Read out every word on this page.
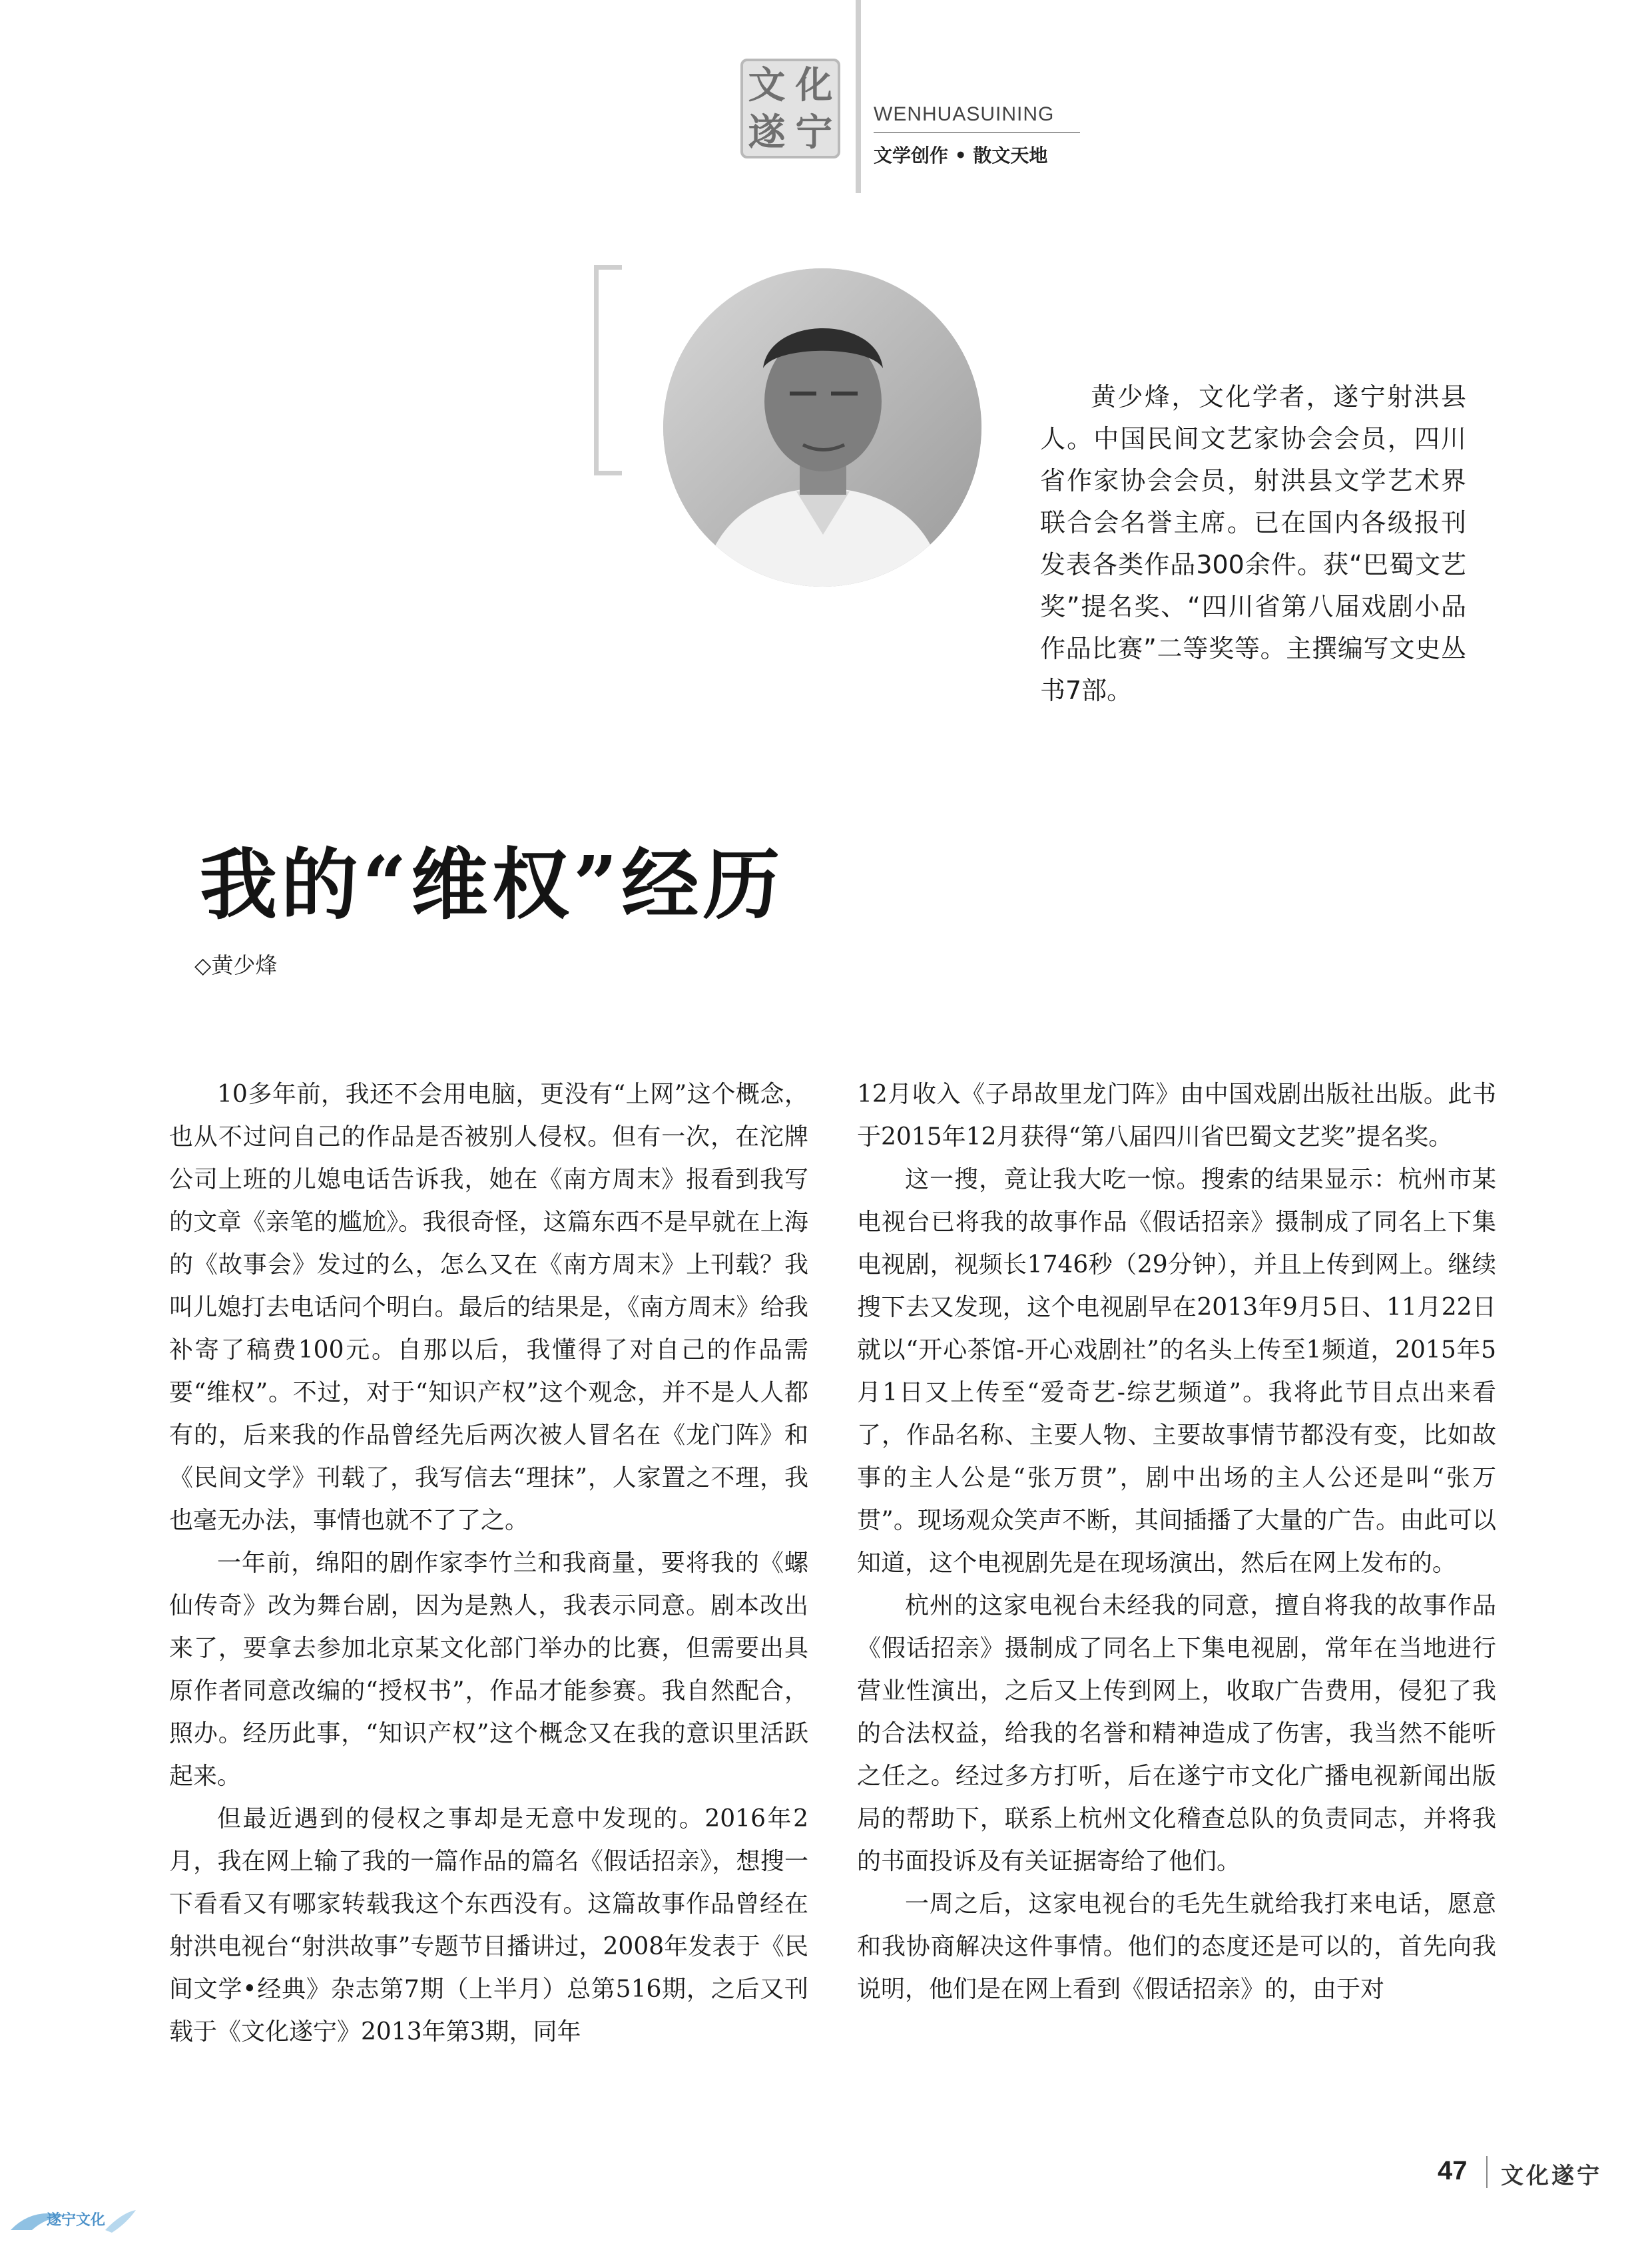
文 化
遂 宁 WENHUASUINING
文学创作 • 散文天地
黄少烽，文化学者，遂宁射洪县人。中国民间文艺家协会会员，四川省作家协会会员，射洪县文学艺术界联合会名誉主席。已在国内各级报刊发表各类作品300余件。获“巴蜀文艺奖”提名奖、“四川省第八届戏剧小品作品比赛”二等奖等。主撰编写文史丛书7部。
我的“维权”经历
◇黄少烽

10多年前，我还不会用电脑，更没有“上网”这个概念，也从不过问自己的作品是否被别人侵权。但有一次，在沱牌公司上班的儿媳电话告诉我，她在《南方周末》报看到我写的文章《亲笔的尴尬》。我很奇怪，这篇东西不是早就在上海的《故事会》发过的么，怎么又在《南方周末》上刊载？我叫儿媳打去电话问个明白。最后的结果是，《南方周末》给我补寄了稿费100元。自那以后，我懂得了对自己的作品需要“维权”。不过，对于“知识产权”这个观念，并不是人人都有的，后来我的作品曾经先后两次被人冒名在《龙门阵》和《民间文学》刊载了，我写信去“理抹”，人家置之不理，我也毫无办法，事情也就不了了之。

一年前，绵阳的剧作家李竹兰和我商量，要将我的《螺仙传奇》改为舞台剧，因为是熟人，我表示同意。剧本改出来了，要拿去参加北京某文化部门举办的比赛，但需要出具原作者同意改编的“授权书”，作品才能参赛。我自然配合，照办。经历此事，“知识产权”这个概念又在我的意识里活跃起来。

但最近遇到的侵权之事却是无意中发现的。2016年2月，我在网上输了我的一篇作品的篇名《假话招亲》，想搜一下看看又有哪家转载我这个东西没有。这篇故事作品曾经在射洪电视台“射洪故事”专题节目播讲过，2008年发表于《民间文学•经典》杂志第7期（上半月）总第516期，之后又刊载于《文化遂宁》2013年第3期，同年

12月收入《子昂故里龙门阵》由中国戏剧出版社出版。此书于2015年12月获得“第八届四川省巴蜀文艺奖”提名奖。

这一搜，竟让我大吃一惊。搜索的结果显示：杭州市某电视台已将我的故事作品《假话招亲》摄制成了同名上下集电视剧，视频长1746秒（29分钟），并且上传到网上。继续搜下去又发现，这个电视剧早在2013年9月5日、11月22日就以“开心茶馆-开心戏剧社”的名头上传至1频道，2015年5月1日又上传至“爱奇艺-综艺频道”。我将此节目点出来看了，作品名称、主要人物、主要故事情节都没有变，比如故事的主人公是“张万贯”，剧中出场的主人公还是叫“张万贯”。现场观众笑声不断，其间插播了大量的广告。由此可以知道，这个电视剧先是在现场演出，然后在网上发布的。

杭州的这家电视台未经我的同意，擅自将我的故事作品《假话招亲》摄制成了同名上下集电视剧，常年在当地进行营业性演出，之后又上传到网上，收取广告费用，侵犯了我的合法权益，给我的名誉和精神造成了伤害，我当然不能听之任之。经过多方打听，后在遂宁市文化广播电视新闻出版局的帮助下，联系上杭州文化稽查总队的负责同志，并将我的书面投诉及有关证据寄给了他们。

一周之后，这家电视台的毛先生就给我打来电话，愿意和我协商解决这件事情。他们的态度还是可以的，首先向我说明，他们是在网上看到《假话招亲》的，由于对

47 文化遂宁
遂宁文化
